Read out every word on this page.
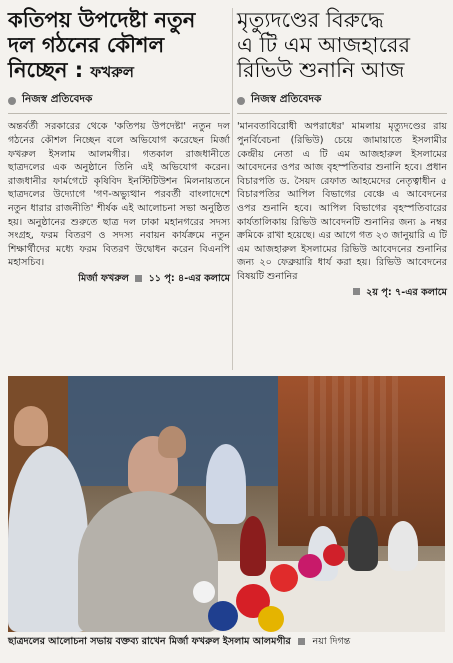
কতিপয় উপদেষ্টা নতুন
দল গঠনের কৌশল
নিচ্ছেন : ফখরুল
নিজস্ব প্রতিবেদক

অন্তর্বর্তী সরকারের থেকে 'কতিপয় উপদেষ্টা' নতুন দল গঠনের কৌশল নিচ্ছেন বলে অভিযোগ করেছেন মির্জা ফখরুল ইসলাম আলমগীর। গতকাল রাজধানীতে ছাত্রদলের এক অনুষ্ঠানে তিনি এই অভিযোগ করেন। রাজধানীর ফার্মগেটে কৃষিবিদ ইনস্টিটিউশন মিলনায়তনে ছাত্রদলের উদ্যোগে 'গণ-অভ্যুত্থান পরবর্তী বাংলাদেশে নতুন ধারার রাজনীতি' শীর্ষক এই আলোচনা সভা অনুষ্ঠিত হয়। অনুষ্ঠানের শুরুতে ছাত্র দল ঢাকা মহানগরের সদস্য সংগ্রহ, ফরম বিতরণ ও সদস্য নবায়ন কার্যক্রমে নতুন শিক্ষার্থীদের মধ্যে ফরম বিতরণ উদ্বোধন করেন বিএনপি মহাসচিব।

মির্জা ফখরুল ১১ পৃ: ৪-এর কলামে
মৃত্যুদণ্ডের বিরুদ্ধে
এ টি এম আজহারের
রিভিউ শুনানি আজ
নিজস্ব প্রতিবেদক

'মানবতাবিরোধী অপরাধের' মামলায় মৃত্যুদণ্ডের রায় পুনর্বিবেচনা (রিভিউ) চেয়ে জামায়াতে ইসলামীর কেন্দ্রীয় নেতা এ টি এম আজহারুল ইসলামের আবেদনের ওপর আজ বৃহস্পতিবার শুনানি হবে। প্রধান বিচারপতি ড. সৈয়দ রেফাত আহমেদের নেতৃত্বাধীন ৫ বিচারপতির আপিল বিভাগের বেঞ্চে এ আবেদনের ওপর শুনানি হবে। আপিল বিভাগের বৃহস্পতিবারের কার্যতালিকায় রিভিউ আবেদনটি শুনানির জন্য ৯ নম্বর ক্রমিকে রাখা হয়েছে। এর আগে গত ২৩ জানুয়ারি এ টি এম আজহারুল ইসলামের রিভিউ আবেদনের শুনানির জন্য ২০ ফেব্রুয়ারি ধার্য করা হয়। রিভিউ আবেদনের বিষয়টি শুনানির

২য় পৃ: ৭-এর কলামে
ছাত্রদলের আলোচনা সভায় বক্তব্য রাখেন মির্জা ফখরুল ইসলাম আলমগীর নয়া দিগন্ত
